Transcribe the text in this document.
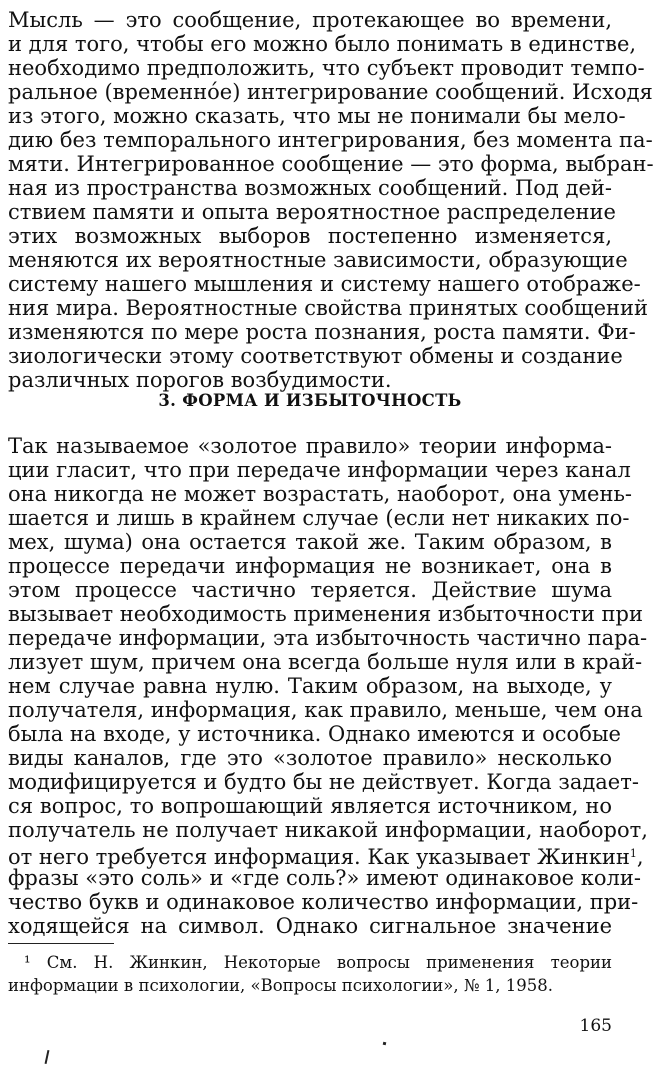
Мысль — это сообщение, протекающее во времени,
и для того, чтобы его можно было понимать в единстве,
необходимо предположить, что субъект проводит темпо-
ральное (временно́е) интегрирование сообщений. Исходя
из этого, можно сказать, что мы не понимали бы мело-
дию без темпорального интегрирования, без момента па-
мяти. Интегрированное сообщение — это форма, выбран-
ная из пространства возможных сообщений. Под дей-
ствием памяти и опыта вероятностное распределение
этих возможных выборов постепенно изменяется,
меняются их вероятностные зависимости, образующие
систему нашего мышления и систему нашего отображе-
ния мира. Вероятностные свойства принятых сообщений
изменяются по мере роста познания, роста памяти. Фи-
зиологически этому соответствуют обмены и создание
различных порогов возбудимости.
3. ФОРМА И ИЗБЫТОЧНОСТЬ
Так называемое «золотое правило» теории информа-
ции гласит, что при передаче информации через канал
она никогда не может возрастать, наоборот, она умень-
шается и лишь в крайнем случае (если нет никаких по-
мех, шума) она остается такой же. Таким образом, в
процессе передачи информация не возникает, она в
этом процессе частично теряется. Действие шума
вызывает необходимость применения избыточности при
передаче информации, эта избыточность частично пара-
лизует шум, причем она всегда больше нуля или в край-
нем случае равна нулю. Таким образом, на выходе, у
получателя, информация, как правило, меньше, чем она
была на входе, у источника. Однако имеются и особые
виды каналов, где это «золотое правило» несколько
модифицируется и будто бы не действует. Когда задает-
ся вопрос, то вопрошающий является источником, но
получатель не получает никакой информации, наоборот,
от него требуется информация. Как указывает Жинкин$^1$,
фразы «это соль» и «где соль?» имеют одинаковое коли-
чество букв и одинаковое количество информации, при-
ходящейся на символ. Однако сигнальное значение
¹ См. Н. Жинкин, Некоторые вопросы применения теории
информации в психологии, «Вопросы психологии», № 1, 1958.
165
